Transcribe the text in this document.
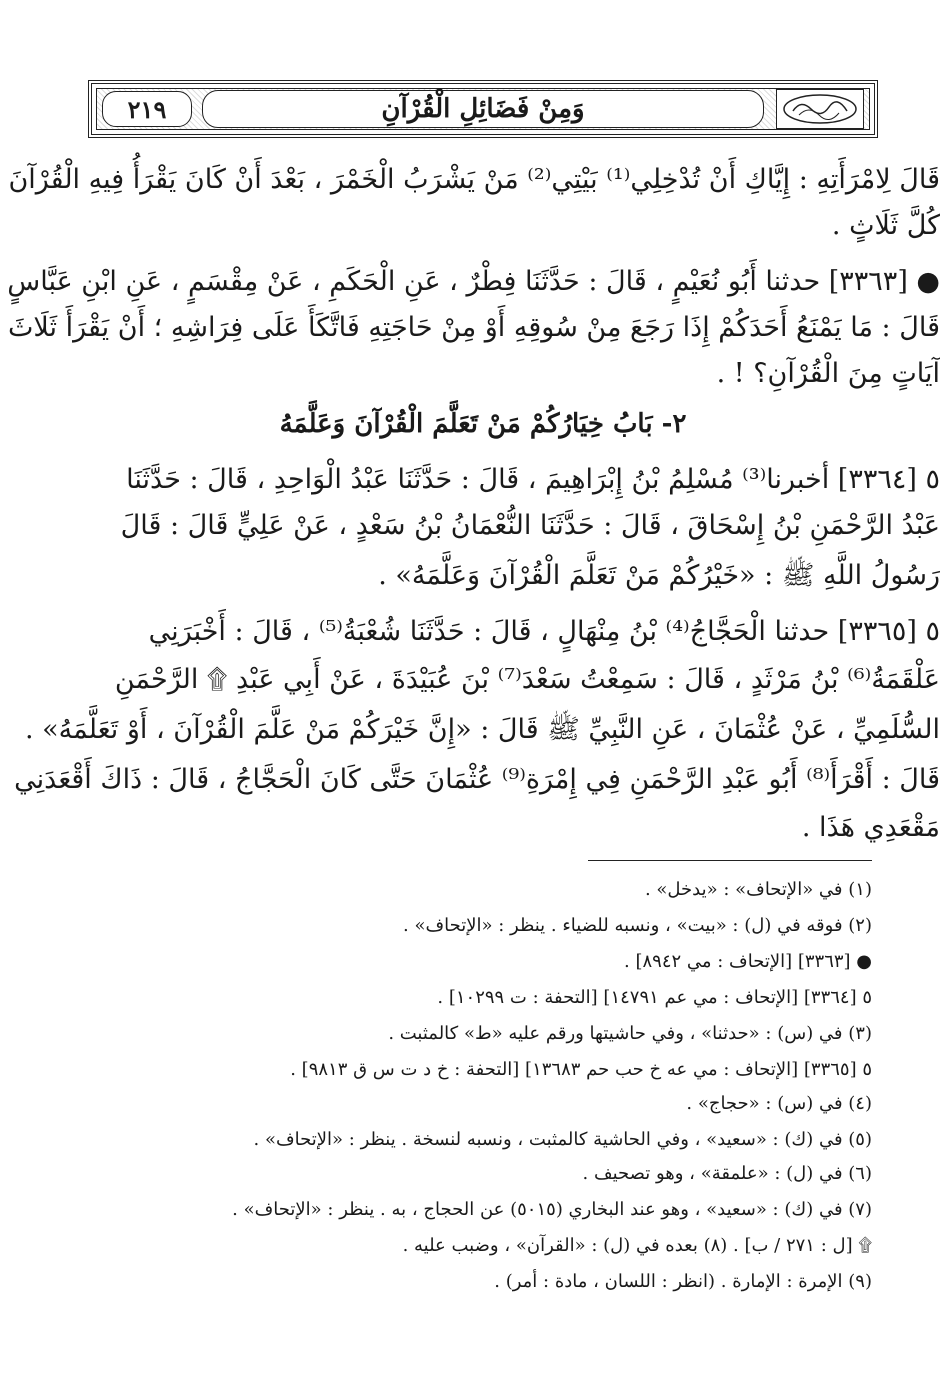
٢١٩	وَمِنْ فَضَائِلِ الْقُرْآنِ
قَالَ لِامْرَأَتِهِ : إِيَّاكِ أَنْ تُدْخِلِي⁽¹⁾ بَيْتِي⁽²⁾ مَنْ يَشْرَبُ الْخَمْرَ ، بَعْدَ أَنْ كَانَ يَقْرَأُ فِيهِ الْقُرْآنَ
كُلَّ ثَلَاثٍ .
● [٣٣٦٣] حدثنا أَبُو نُعَيْمٍ ، قَالَ : حَدَّثَنَا فِطْرٌ ، عَنِ الْحَكَمِ ، عَنْ مِقْسَمٍ ، عَنِ ابْنِ عَبَّاسٍ
قَالَ : مَا يَمْنَعُ أَحَدَكُمْ إِذَا رَجَعَ مِنْ سُوقِهِ أَوْ مِنْ حَاجَتِهِ فَاتَّكَأَ عَلَى فِرَاشِهِ ؛ أَنْ يَقْرَأَ ثَلَاثَ
آيَاتٍ مِنَ الْقُرْآنِ؟ ! .
٢- بَابُ خِيَارُكُمْ مَنْ تَعَلَّمَ الْقُرْآنَ وَعَلَّمَهُ
٥ [٣٣٦٤] أخبرنا⁽³⁾ مُسْلِمُ بْنُ إِبْرَاهِيمَ ، قَالَ : حَدَّثَنَا عَبْدُ الْوَاحِدِ ، قَالَ : حَدَّثَنَا
عَبْدُ الرَّحْمَنِ بْنُ إِسْحَاقَ ، قَالَ : حَدَّثَنَا النُّعْمَانُ بْنُ سَعْدٍ ، عَنْ عَلِيٍّ قَالَ : قَالَ
رَسُولُ اللَّهِ ﷺ : «خَيْرُكُمْ مَنْ تَعَلَّمَ الْقُرْآنَ وَعَلَّمَهُ» .
٥ [٣٣٦٥] حدثنا الْحَجَّاجُ⁽⁴⁾ بْنُ مِنْهَالٍ ، قَالَ : حَدَّثَنَا شُعْبَةُ⁽⁵⁾ ، قَالَ : أَخْبَرَنِي
عَلْقَمَةُ⁽⁶⁾ بْنُ مَرْثَدٍ ، قَالَ : سَمِعْتُ سَعْدَ⁽⁷⁾ بْنَ عُبَيْدَةَ ، عَنْ أَبِي عَبْدِ ۩ الرَّحْمَنِ
السُّلَمِيِّ ، عَنْ عُثْمَانَ ، عَنِ النَّبِيِّ ﷺ قَالَ : «إِنَّ خَيْرَكُمْ مَنْ عَلَّمَ الْقُرْآنَ ، أَوْ تَعَلَّمَهُ» .
قَالَ : أَقْرَأَ⁽⁸⁾ أَبُو عَبْدِ الرَّحْمَنِ فِي إِمْرَةِ⁽⁹⁾ عُثْمَانَ حَتَّى كَانَ الْحَجَّاجُ ، قَالَ : ذَاكَ أَقْعَدَنِي
مَقْعَدِي هَذَا .
(١) في «الإتحاف» : «يدخل» .
(٢) فوقه في (ل) : «بيت» ، ونسبه للضياء . ينظر : «الإتحاف» .
● [٣٣٦٣] [الإتحاف : مي ٨٩٤٢] .
٥ [٣٣٦٤] [الإتحاف : مي عم ١٤٧٩١] [التحفة : ت ١٠٢٩٩] .
(٣) في (س) : «حدثنا» ، وفي حاشيتها ورقم عليه «ط» كالمثبت .
٥ [٣٣٦٥] [الإتحاف : مي عه خ حب حم ١٣٦٨٣] [التحفة : خ د ت س ق ٩٨١٣] .
(٤) في (س) : «حجاج» .
(٥) في (ك) : «سعيد» ، وفي الحاشية كالمثبت ، ونسبه لنسخة . ينظر : «الإتحاف» .
(٦) في (ل) : «علمقة» ، وهو تصحيف .
(٧) في (ك) : «سعيد» ، وهو عند البخاري (٥٠١٥) عن الحجاج ، به . ينظر : «الإتحاف» .
۩ [ل : ٢٧١ / ب] . (٨) بعده في (ل) : «القرآن» ، وضبب عليه .
(٩) الإمرة : الإمارة . (انظر : اللسان ، مادة : أمر) .
